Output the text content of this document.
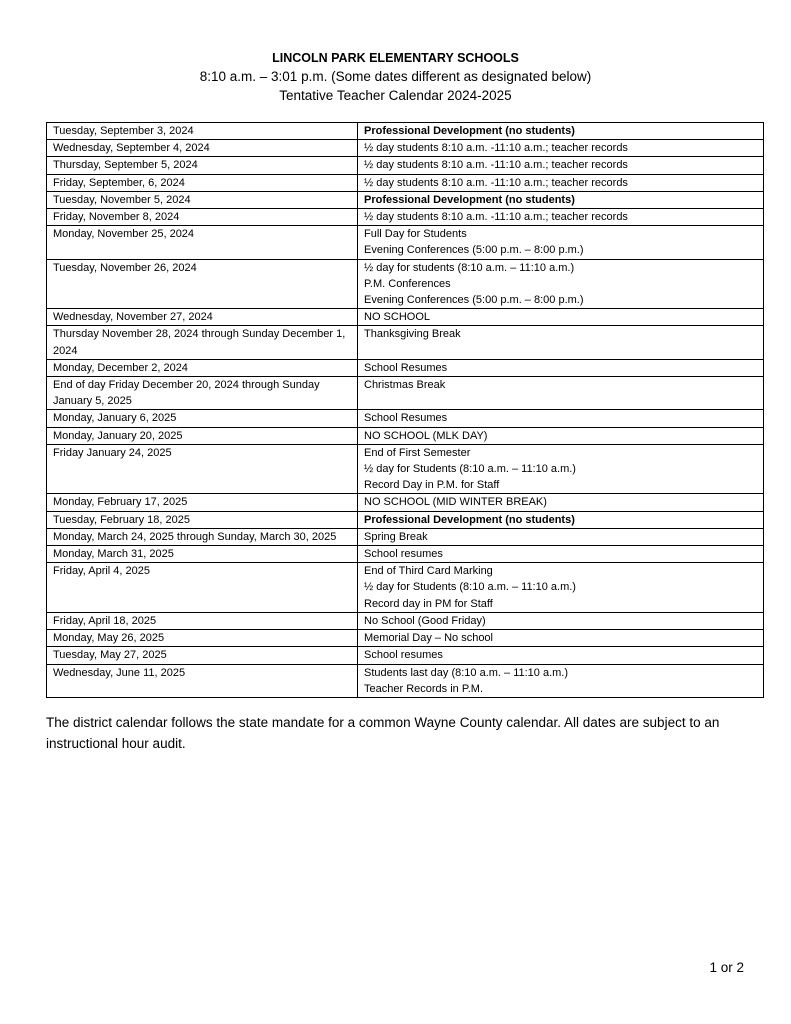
LINCOLN PARK ELEMENTARY SCHOOLS
8:10 a.m. – 3:01 p.m. (Some dates different as designated below)
Tentative Teacher Calendar 2024-2025
Tuesday, September 3, 2024	Professional Development (no students)

Wednesday, September 4, 2024	½ day students 8:10 a.m. -11:10 a.m.; teacher records

Thursday, September 5, 2024	½ day students 8:10 a.m. -11:10 a.m.; teacher records

Friday, September, 6, 2024	½ day students 8:10 a.m. -11:10 a.m.; teacher records

Tuesday, November 5, 2024	Professional Development (no students)

Friday, November 8, 2024	½ day students 8:10 a.m. -11:10 a.m.; teacher records

Monday, November 25, 2024	Full Day for Students
Evening Conferences (5:00 p.m. – 8:00 p.m.)

Tuesday, November 26, 2024	½ day for students (8:10 a.m. – 11:10 a.m.)
P.M. Conferences
Evening Conferences (5:00 p.m. – 8:00 p.m.)

Wednesday, November 27, 2024	NO SCHOOL

Thursday November 28, 2024 through Sunday December 1, 2024	Thanksgiving Break

Monday, December 2, 2024	School Resumes

End of day Friday December 20, 2024 through Sunday January 5, 2025	Christmas Break

Monday, January 6, 2025	School Resumes

Monday, January 20, 2025	NO SCHOOL (MLK DAY)

Friday January 24, 2025	End of First Semester
½ day for Students (8:10 a.m. – 11:10 a.m.)
Record Day in P.M. for Staff

Monday, February 17, 2025	NO SCHOOL (MID WINTER BREAK)

Tuesday, February 18, 2025	Professional Development (no students)

Monday, March 24, 2025 through Sunday, March 30, 2025	Spring Break

Monday, March 31, 2025	School resumes

Friday, April 4, 2025	End of Third Card Marking
½ day for Students (8:10 a.m. – 11:10 a.m.)
Record day in PM for Staff

Friday, April 18, 2025	No School (Good Friday)

Monday, May 26, 2025	Memorial Day – No school

Tuesday, May 27, 2025	School resumes

Wednesday, June 11, 2025	Students last day (8:10 a.m. – 11:10 a.m.)
Teacher Records in P.M.
The district calendar follows the state mandate for a common Wayne County calendar. All dates are subject to an instructional hour audit.
1 or 2
